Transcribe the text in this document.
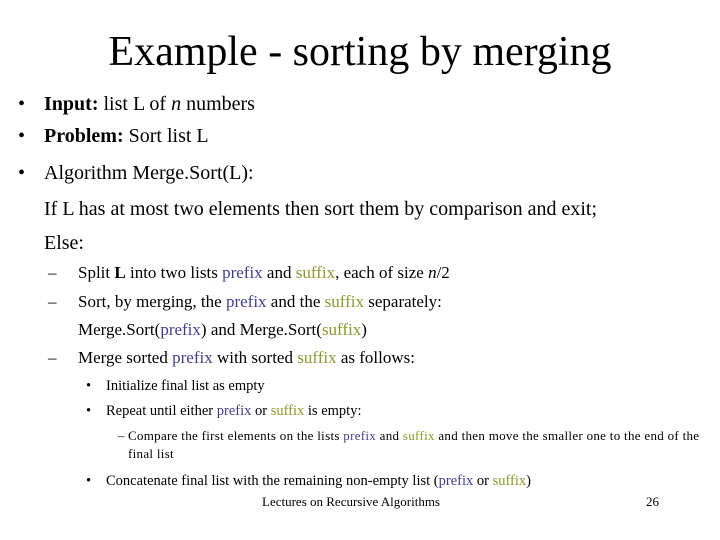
Example - sorting by merging
• Input: list L of n numbers
• Problem: Sort list L
• Algorithm Merge.Sort(L):
If L has at most two elements then sort them by comparison and exit;
Else:
– Split L into two lists prefix and suffix, each of size n/2
– Sort, by merging, the prefix and the suffix separately:
Merge.Sort(prefix) and Merge.Sort(suffix)
– Merge sorted prefix with sorted suffix as follows:
• Initialize final list as empty
• Repeat until either prefix or suffix is empty:
– Compare the first elements on the lists prefix and suffix and then move the smaller one to the end of the final list
• Concatenate final list with the remaining non-empty list (prefix or suffix)
Lectures on Recursive Algorithms	26
